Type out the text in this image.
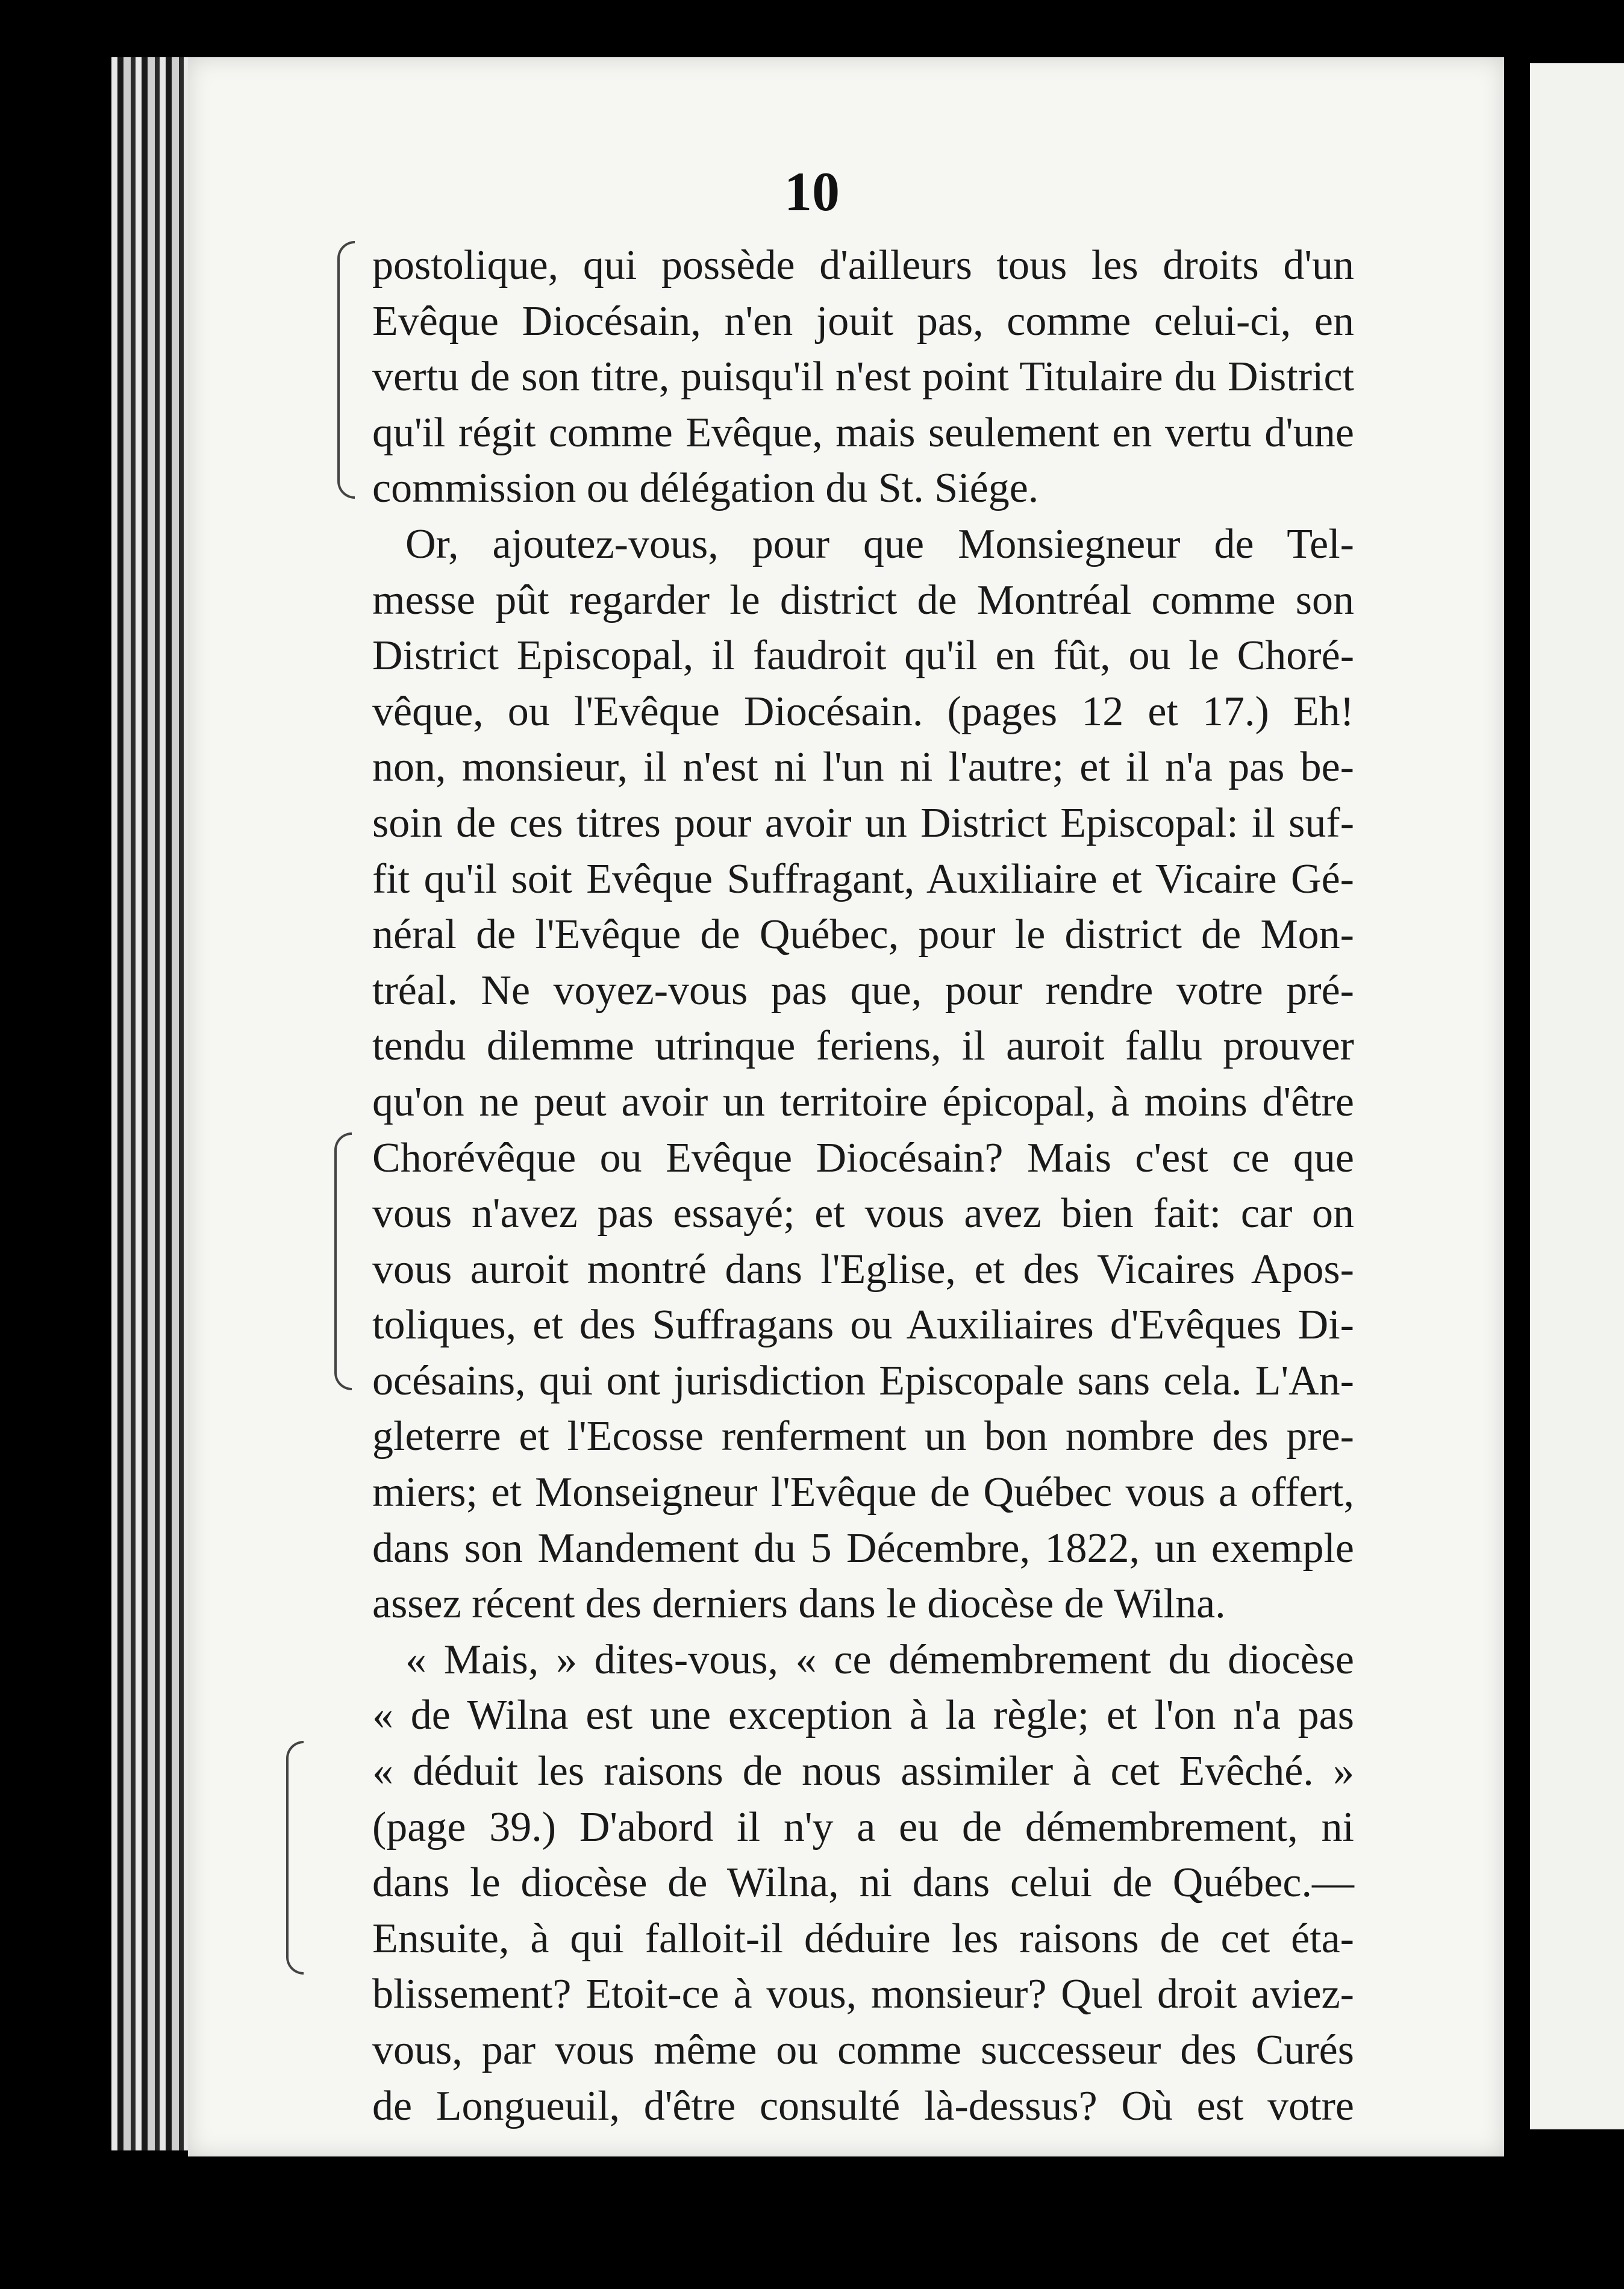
10
postolique, qui possède d'ailleurs tous les droits d'un
Evêque Diocésain, n'en jouit pas, comme celui-ci, en
vertu de son titre, puisqu'il n'est point Titulaire du District
qu'il régit comme Evêque, mais seulement en vertu d'une
commission ou délégation du St. Siége.
Or, ajoutez-vous, pour que Monsiegneur de Tel-
messe pût regarder le district de Montréal comme son
District Episcopal, il faudroit qu'il en fût, ou le Choré-
vêque, ou l'Evêque Diocésain. (pages 12 et 17.) Eh!
non, monsieur, il n'est ni l'un ni l'autre; et il n'a pas be-
soin de ces titres pour avoir un District Episcopal: il suf-
fit qu'il soit Evêque Suffragant, Auxiliaire et Vicaire Gé-
néral de l'Evêque de Québec, pour le district de Mon-
tréal. Ne voyez-vous pas que, pour rendre votre pré-
tendu dilemme utrinque feriens, il auroit fallu prouver
qu'on ne peut avoir un territoire épicopal, à moins d'être
Chorévêque ou Evêque Diocésain? Mais c'est ce que
vous n'avez pas essayé; et vous avez bien fait: car on
vous auroit montré dans l'Eglise, et des Vicaires Apos-
toliques, et des Suffragans ou Auxiliaires d'Evêques Di-
océsains, qui ont jurisdiction Episcopale sans cela. L'An-
gleterre et l'Ecosse renferment un bon nombre des pre-
miers; et Monseigneur l'Evêque de Québec vous a offert,
dans son Mandement du 5 Décembre, 1822, un exemple
assez récent des derniers dans le diocèse de Wilna.
« Mais, » dites-vous, « ce démembrement du diocèse
« de Wilna est une exception à la règle; et l'on n'a pas
« déduit les raisons de nous assimiler à cet Evêché. »
(page 39.) D'abord il n'y a eu de démembrement, ni
dans le diocèse de Wilna, ni dans celui de Québec.—
Ensuite, à qui falloit-il déduire les raisons de cet éta-
blissement? Etoit-ce à vous, monsieur? Quel droit aviez-
vous, par vous même ou comme successeur des Curés
de Longueuil, d'être consulté là-dessus? Où est votre
